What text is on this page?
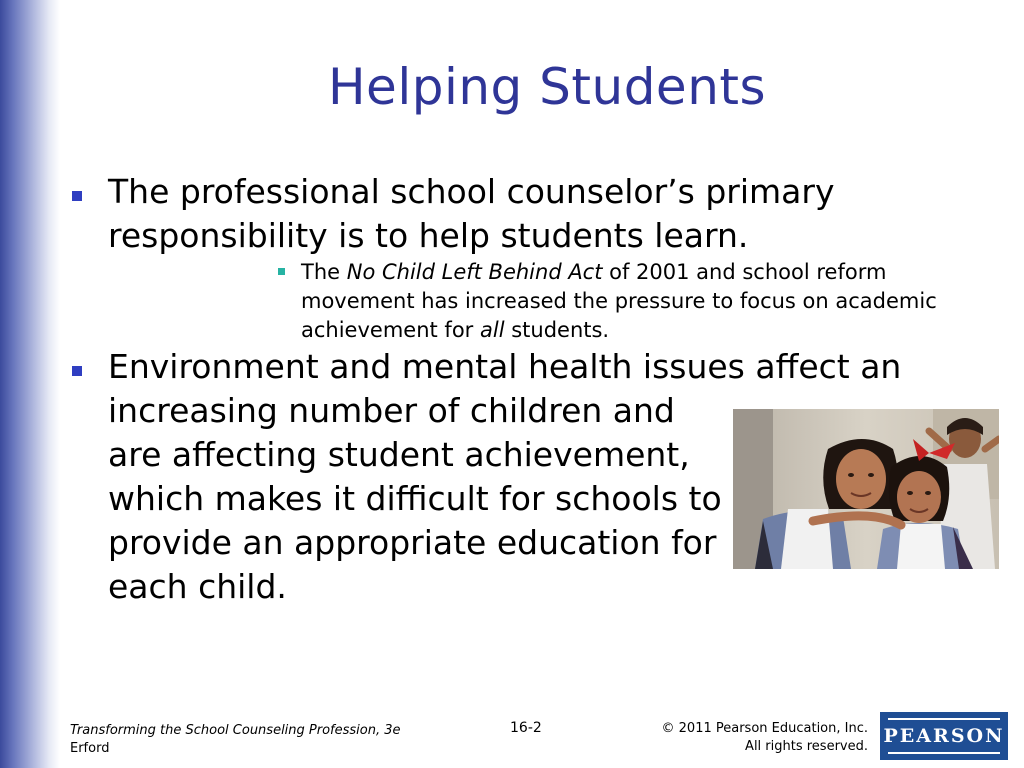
Helping Students
The professional school counselor’s primary
responsibility is to help students learn.
The No Child Left Behind Act of 2001 and school reform
movement has increased the pressure to focus on academic
achievement for all students.
Environment and mental health issues affect an
increasing number of children and
are affecting student achievement,
which makes it difficult for schools to
provide an appropriate education for
each child.
Transforming the School Counseling Profession, 3e
Erford
16-2	© 2011 Pearson Education, Inc.
All rights reserved. PEARSON
